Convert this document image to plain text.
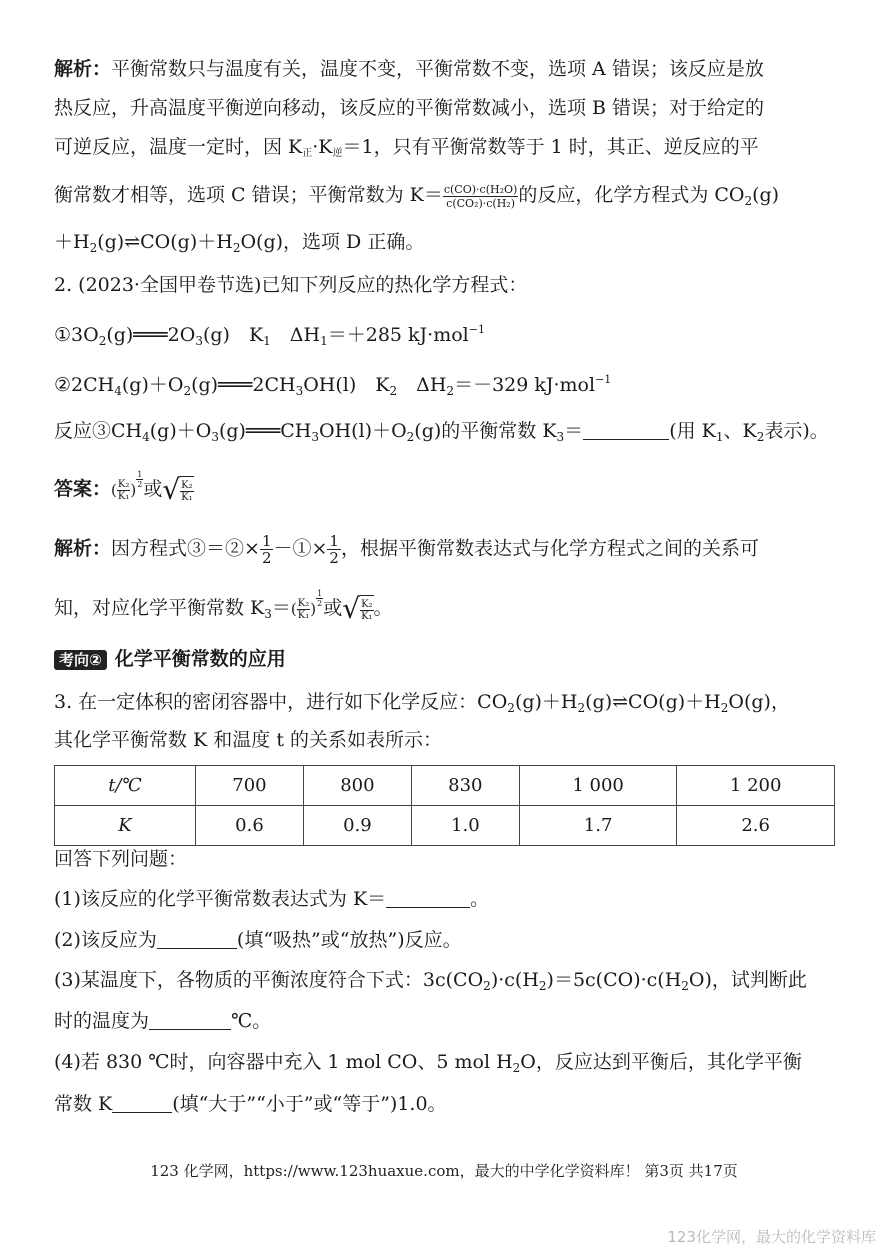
解析：平衡常数只与温度有关，温度不变，平衡常数不变，选项 A 错误；该反应是放
热反应，升高温度平衡逆向移动，该反应的平衡常数减小，选项 B 错误；对于给定的
可逆反应，温度一定时，因 K正·K逆＝1，只有平衡常数等于 1 时，其正、逆反应的平
衡常数才相等，选项 C 错误；平衡常数为 $K= \frac{\text{c(CO)·c(H₂O)}}{\text{c(CO₂)·c(H₂)}}$ 的反应，化学方程式为 $CO_2(g)$
$+H_2(g)\rightleftharpoons CO(g)+H_2O(g)$，选项 D 正确。
2. (2023·全国甲卷节选)已知下列反应的热化学方程式：
$①3O_2(g)═══2O_3(g)$　$K_1$　$\Delta H_1=+285$ kJ·mol$^{-1}$
$②2CH_4(g)+O_2(g)═══2CH_3OH(l)$　$K_2$　$\Delta H_2=-329$ kJ·mol$^{-1}$
反应$③CH_4(g)+O_3(g)═══CH_3OH(l)+O_2(g)$的平衡常数 $K_3=$	(用 $K_1$、$K_2$表示)。
答案：( $\frac{\text{K₂}}{\text{K₁}}$ )
$\frac{1}{2}$ 或√ $\frac{\text{K₂}}{\text{K₁}}$
解析：因方程式③＝②× $\frac{1}{2}$ －①× $\frac{1}{2}$ ，根据平衡常数表达式与化学方程式之间的关系可
知，对应化学平衡常数 $K_3=( \frac{\text{K₂}}{\text{K₁}}$ )
$\frac{1}{2}$ 或√ $\frac{\text{K₂}}{\text{K₁}}$ 。
考向② 化学平衡常数的应用
3. 在一定体积的密闭容器中，进行如下化学反应：$CO_2(g)+H_2(g)\rightleftharpoons CO(g)+H_2O(g)$，
其化学平衡常数 K 和温度 t 的关系如表所示：
t/℃	700	800	830	1 000	1 200
K	0.6	0.9	1.0	1.7	2.6
回答下列问题：
(1)该反应的化学平衡常数表达式为 K＝	。
(2)该反应为	(填“吸热”或“放热”)反应。
(3)某温度下，各物质的平衡浓度符合下式：$3c(CO_2)\cdot c(H_2)=5c(CO)\cdot c(H_2O)$，试判断此
时的温度为	℃。
(4)若 830 ℃时，向容器中充入 1 mol CO、5 mol $H_2O$，反应达到平衡后，其化学平衡
常数 K	(填“大于”“小于”或“等于”)1.0。
123 化学网，https://www.123huaxue.com，最大的中学化学资料库！ 第3页 共17页
123化学网，最大的化学资料库
